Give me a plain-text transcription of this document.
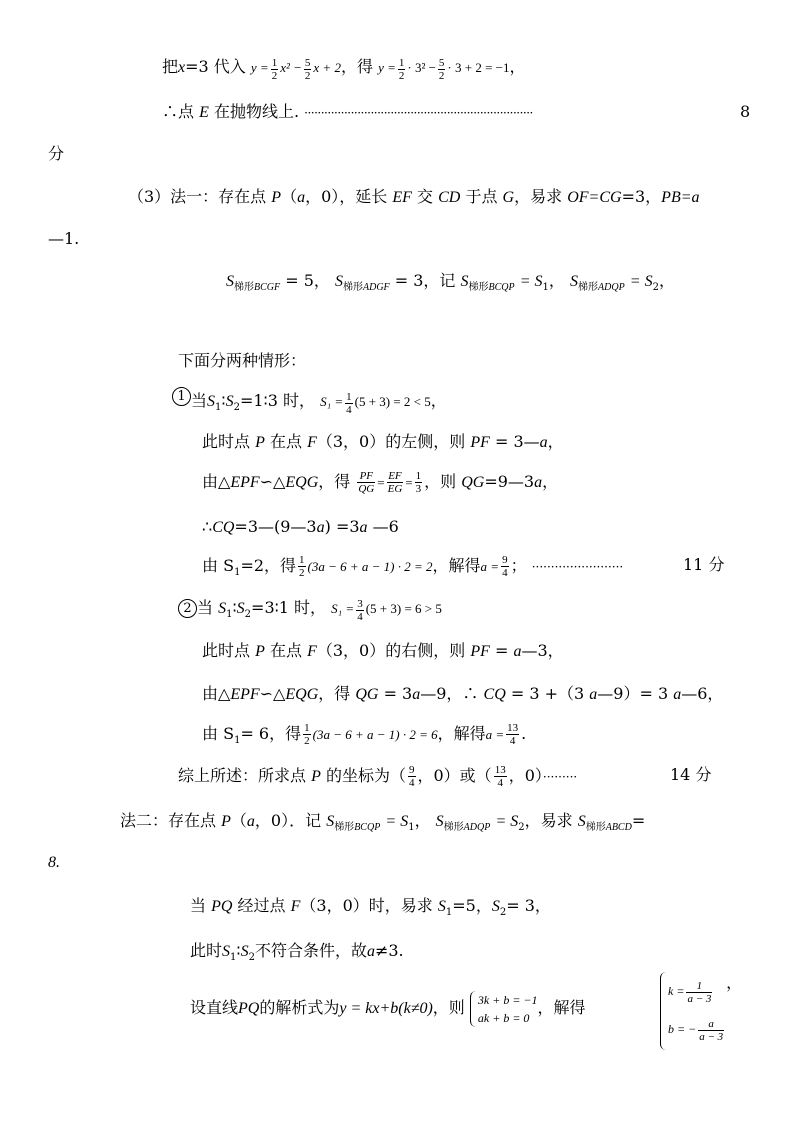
把x=3 代入 $y = \frac{1}{2} x^2 - \frac{5}{2}$ x + 2，得 $y = \frac{1}{2} \cdot 3^2 - \frac{5}{2} \cdot 3 + 2 = -1$，
∴点 E 在抛物线上. ·····································································	8
分
（3）法一：存在点 P（a，0），延长 EF 交 CD 于点 G，易求 OF=CG=3，PB=a
—1.
$S_{梯形BCGF} = 5$， $S_{梯形ADGF} = 3$，记 $S_{梯形BCQP} = S_1$， $S_{梯形ADQP} = S_2$，
下面分两种情形：
1 当$S_1∶S_2=1∶3$ 时， $S_1 = \frac{1}{4} (5 + 3) = 2 < 5$，
此时点 P 在点 F（3，0）的左侧，则 PF = 3—a，
由△EPF∽△EQG，得 $\frac{PF}{QG} = \frac{EF}{EG} = \frac{1}{3}$ ，则 QG=9—3a，
∴CQ=3—(9—3a) =3a —6
由 $S_1=2$，得 $\frac{1}{2} (3a - 6 + a - 1) \cdot 2 = 2$，解得$a = \frac{9}{4}$ ； ························	11 分
2 当 $S_1∶S_2=3∶1$ 时， $S_1 = \frac{3}{4} (5 + 3) = 6 > 5$
此时点 P 在点 F（3，0）的右侧，则 PF = a—3，
由△EPF∽△EQG，得 QG = 3a—9，∴ CQ = 3 +（3 a—9）= 3 a—6，
由 $S_1= 6$，得 $\frac{1}{2} (3a - 6 + a - 1) \cdot 2 = 6$，解得$a = \frac{13}{4}$ .
综上所述：所求点 P 的坐标为（ $\frac{9}{4}$ ，0）或（ $\frac{13}{4}$ ，0）·········	14 分
法二：存在点 P（a，0）．记 $S_{梯形BCQP} = S_1$， $S_{梯形ADQP} = S_2$，易求 $S_{梯形ABCD}=$
8.
当 PQ 经过点 F（3，0）时，易求 $S_1=5$，$S_2= 3$，
此时$S_1∶S_2$不符合条件，故a≠3.
设直线PQ的解析式为y = kx+b(k≠0)，则 3k + b = −1
ak + b = 0
，解得
$k = \frac{1}{a - 3}$
b = − $\frac{a}{a - 3}$
，
